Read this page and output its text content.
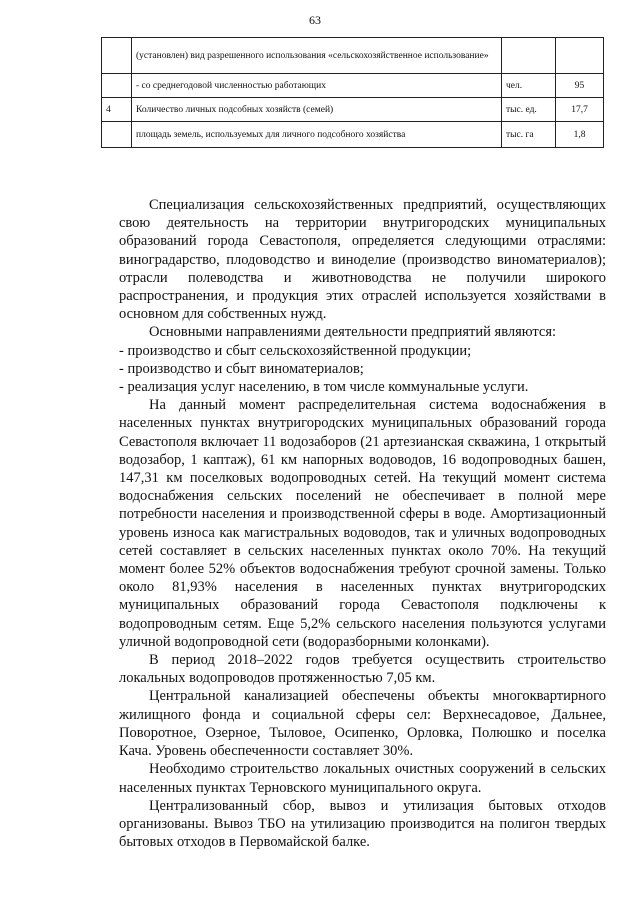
63
	(установлен) вид разрешенного использования «сельскохозяйственное использование»		
	- со среднегодовой численностью работающих	чел.	95
4	Количество личных подсобных хозяйств (семей)	тыс. ед.	17,7
	площадь земель, используемых для личного подсобного хозяйства	тыс. га	1,8

Специализация сельскохозяйственных предприятий, осуществляющих свою деятельность на территории внутригородских муниципальных образований города Севастополя, определяется следующими отраслями: виноградарство, плодоводство и виноделие (производство виноматериалов); отрасли полеводства и животноводства не получили широкого распространения, и продукция этих отраслей используется хозяйствами в основном для собственных нужд.

Основными направлениями деятельности предприятий являются:

- производство и сбыт сельскохозяйственной продукции;

- производство и сбыт виноматериалов;

- реализация услуг населению, в том числе коммунальные услуги.

На данный момент распределительная система водоснабжения в населенных пунктах внутригородских муниципальных образований города Севастополя включает 11 водозаборов (21 артезианская скважина, 1 открытый водозабор, 1 каптаж), 61 км напорных водоводов, 16 водопроводных башен, 147,31 км поселковых водопроводных сетей. На текущий момент система водоснабжения сельских поселений не обеспечивает в полной мере потребности населения и производственной сферы в воде. Амортизационный уровень износа как магистральных водоводов, так и уличных водопроводных сетей составляет в сельских населенных пунктах около 70%. На текущий момент более 52% объектов водоснабжения требуют срочной замены. Только около 81,93% населения в населенных пунктах внутригородских муниципальных образований города Севастополя подключены к водопроводным сетям. Еще 5,2% сельского населения пользуются услугами уличной водопроводной сети (водоразборными колонками).

В период 2018–2022 годов требуется осуществить строительство локальных водопроводов протяженностью 7,05 км.

Центральной канализацией обеспечены объекты многоквартирного жилищного фонда и социальной сферы сел: Верхнесадовое, Дальнее, Поворотное, Озерное, Тыловое, Осипенко, Орловка, Полюшко и поселка Кача. Уровень обеспеченности составляет 30%.

Необходимо строительство локальных очистных сооружений в сельских населенных пунктах Терновского муниципального округа.

Централизованный сбор, вывоз и утилизация бытовых отходов организованы. Вывоз ТБО на утилизацию производится на полигон твердых бытовых отходов в Первомайской балке.
